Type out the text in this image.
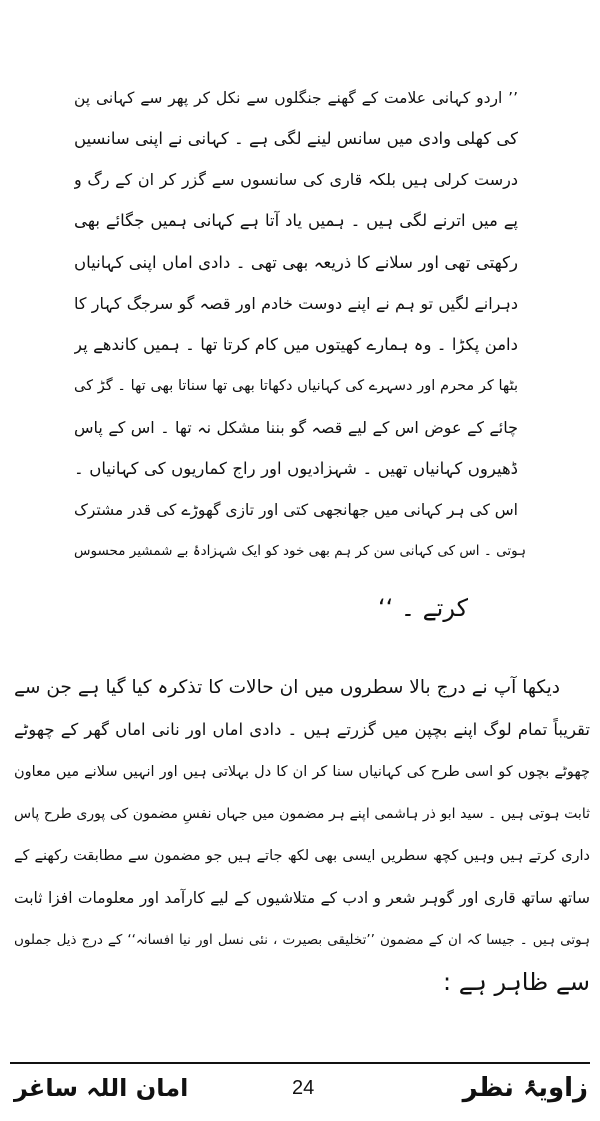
’’ اردو کہانی علامت کے گھنے جنگلوں سے نکل کر پھر سے کہانی پن
کی کھلی وادی میں سانس لینے لگی ہے ۔ کہانی نے اپنی سانسیں
درست کرلی ہیں بلکہ قاری کی سانسوں سے گزر کر ان کے رگ و
پے میں اترنے لگی ہیں ۔ ہمیں یاد آتا ہے کہانی ہمیں جگائے بھی
رکھتی تھی اور سلانے کا ذریعہ بھی تھی ۔ دادی اماں اپنی کہانیاں
دہرانے لگیں تو ہم نے اپنے دوست خادم اور قصہ گو سرجگ کہار کا
دامن پکڑا ۔ وہ ہمارے کھیتوں میں کام کرتا تھا ۔ ہمیں کاندھے پر
بٹھا کر محرم اور دسہرے کی کہانیاں دکھاتا بھی تھا سناتا بھی تھا ۔ گڑ کی
چائے کے عوض اس کے لیے قصہ گو بننا مشکل نہ تھا ۔ اس کے پاس
ڈھیروں کہانیاں تھیں ۔ شہزادیوں اور راج کماریوں کی کہانیاں ۔
اس کی ہر کہانی میں جھانجھی کتی اور تازی گھوڑے کی قدر مشترک
ہوتی ۔ اس کی کہانی سن کر ہم بھی خود کو ایک شہزادۂ بے شمشیر محسوس
کرتے ۔ ‘‘
دیکھا آپ نے درج بالا سطروں میں ان حالات کا تذکرہ کیا گیا ہے جن سے
تقریباً تمام لوگ اپنے بچپن میں گزرتے ہیں ۔ دادی اماں اور نانی اماں گھر کے چھوٹے
چھوٹے بچوں کو اسی طرح کی کہانیاں سنا کر ان کا دل بہلاتی ہیں اور انہیں سلانے میں معاون
ثابت ہوتی ہیں ۔ سید ابو ذر ہاشمی اپنے ہر مضمون میں جہاں نفسِ مضمون کی پوری طرح پاس
داری کرتے ہیں وہیں کچھ سطریں ایسی بھی لکھ جاتے ہیں جو مضمون سے مطابقت رکھنے کے
ساتھ ساتھ قاری اور گوہر شعر و ادب کے متلاشیوں کے لیے کارآمد اور معلومات افزا ثابت
ہوتی ہیں ۔ جیسا کہ ان کے مضمون ’’تخلیقی بصیرت ، نئی نسل اور نیا افسانہ‘‘ کے درج ذیل جملوں
سے ظاہر ہے :
زاویۂ نظر
24
امان اللہ ساغر
